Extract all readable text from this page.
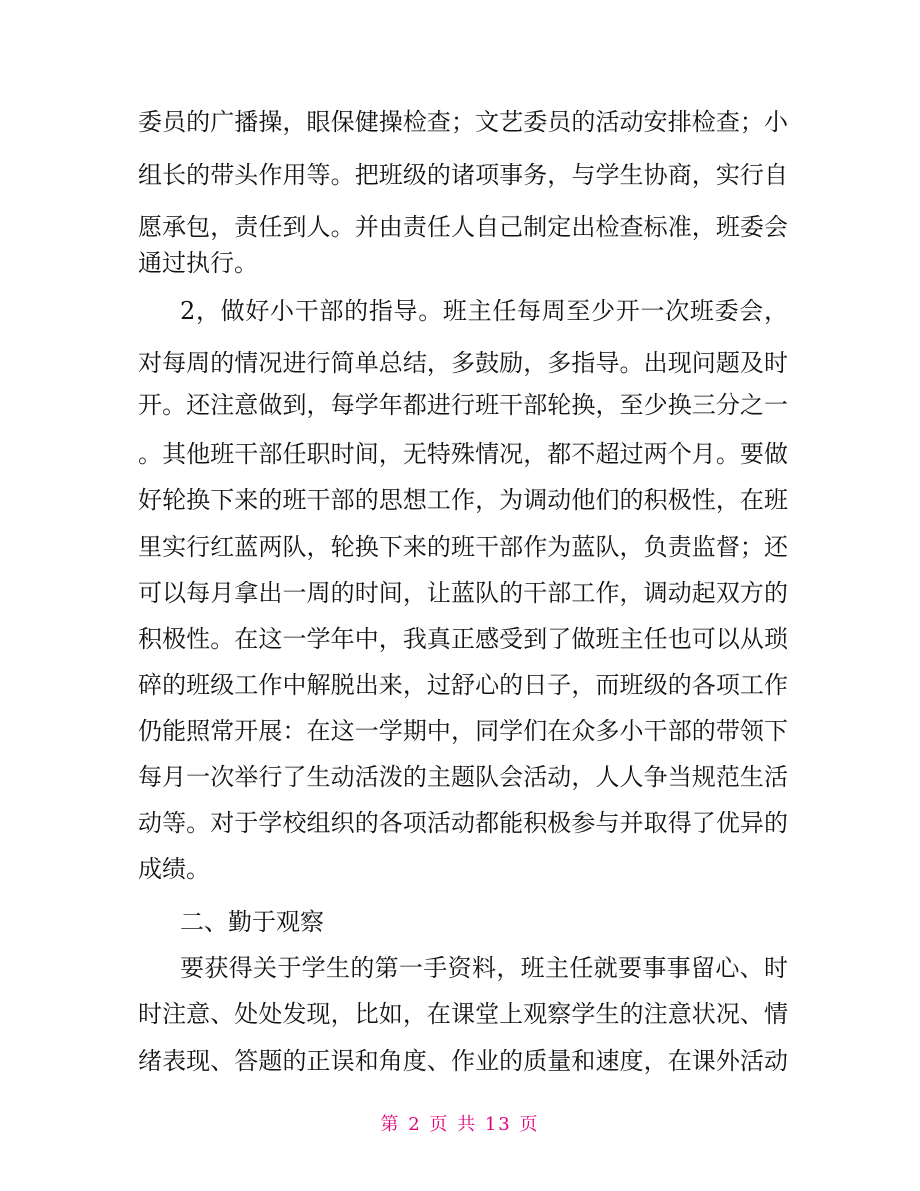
委员的广播操，眼保健操检查；文艺委员的活动安排检查；小
组长的带头作用等。把班级的诸项事务，与学生协商，实行自
愿承包，责任到人。并由责任人自己制定出检查标准，班委会
通过执行。
2，做好小干部的指导。班主任每周至少开一次班委会，
对每周的情况进行简单总结，多鼓励，多指导。出现问题及时
开。还注意做到，每学年都进行班干部轮换，至少换三分之一
。其他班干部任职时间，无特殊情况，都不超过两个月。要做
好轮换下来的班干部的思想工作，为调动他们的积极性，在班
里实行红蓝两队，轮换下来的班干部作为蓝队，负责监督；还
可以每月拿出一周的时间，让蓝队的干部工作，调动起双方的
积极性。在这一学年中，我真正感受到了做班主任也可以从琐
碎的班级工作中解脱出来，过舒心的日子，而班级的各项工作
仍能照常开展：在这一学期中，同学们在众多小干部的带领下
每月一次举行了生动活泼的主题队会活动，人人争当规范生活
动等。对于学校组织的各项活动都能积极参与并取得了优异的
成绩。
二、勤于观察
要获得关于学生的第一手资料，班主任就要事事留心、时
时注意、处处发现，比如，在课堂上观察学生的注意状况、情
绪表现、答题的正误和角度、作业的质量和速度，在课外活动
第 2 页 共 13 页
